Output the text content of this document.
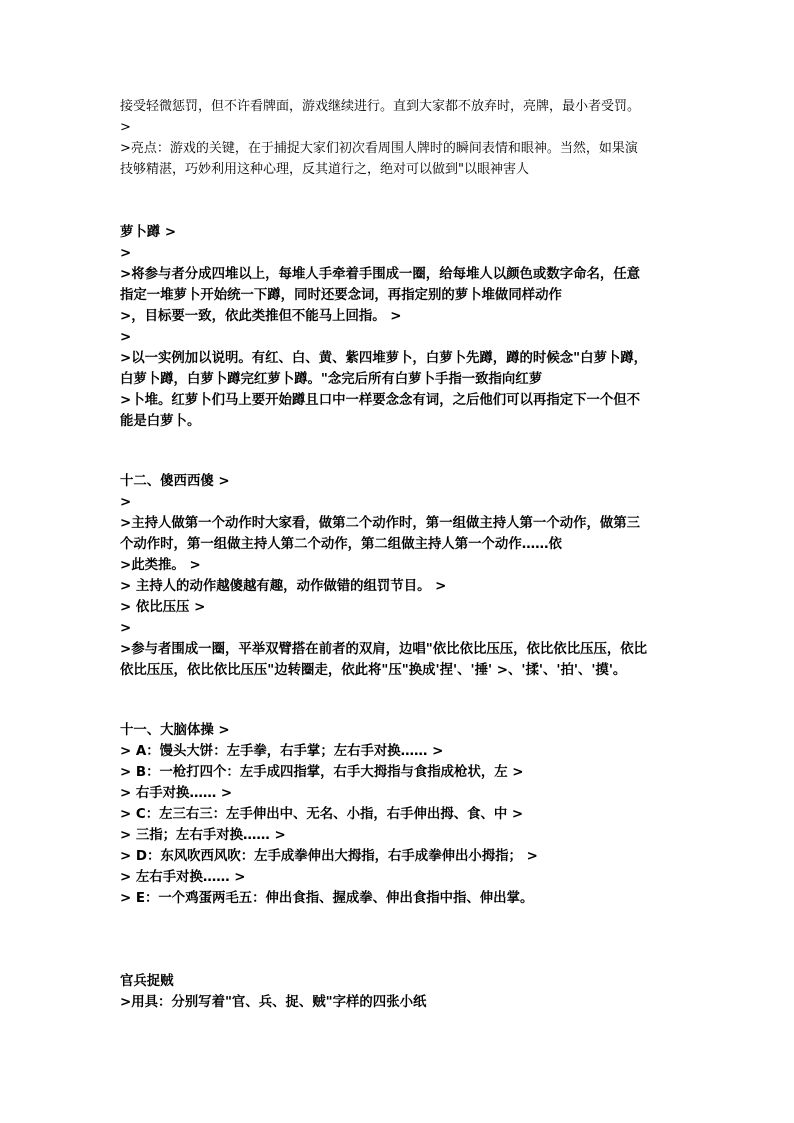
接受轻微惩罚，但不许看牌面，游戏继续进行。直到大家都不放弃时，亮牌，最小者受罚。
>
>亮点：游戏的关键，在于捕捉大家们初次看周围人牌时的瞬间表情和眼神。当然，如果演
技够精湛，巧妙利用这种心理，反其道行之，绝对可以做到"以眼神害人
萝卜蹲 >
>
>将参与者分成四堆以上，每堆人手牵着手围成一圈，给每堆人以颜色或数字命名，任意
指定一堆萝卜开始统一下蹲，同时还要念词，再指定别的萝卜堆做同样动作
>，目标要一致，依此类推但不能马上回指。 >
>
>以一实例加以说明。有红、白、黄、紫四堆萝卜，白萝卜先蹲，蹲的时候念"白萝卜蹲，
白萝卜蹲，白萝卜蹲完红萝卜蹲。"念完后所有白萝卜手指一致指向红萝
>卜堆。红萝卜们马上要开始蹲且口中一样要念念有词，之后他们可以再指定下一个但不
能是白萝卜。
十二、傻西西傻 >
>
>主持人做第一个动作时大家看，做第二个动作时，第一组做主持人第一个动作，做第三
个动作时，第一组做主持人第二个动作，第二组做主持人第一个动作……依
>此类推。 >
> 主持人的动作越傻越有趣，动作做错的组罚节目。 >
> 依比压压 >
>
>参与者围成一圈，平举双臂搭在前者的双肩，边唱"依比依比压压，依比依比压压，依比
依比压压，依比依比压压"边转圈走，依此将"压"换成'捏'、'捶' >、'揉'、'拍'、'摸'。
十一、大脑体操 >
> A：馒头大饼：左手拳，右手掌；左右手对换…… >
> B：一枪打四个：左手成四指掌，右手大拇指与食指成枪状，左 >
> 右手对换…… >
> C：左三右三：左手伸出中、无名、小指，右手伸出拇、食、中 >
> 三指；左右手对换…… >
> D：东风吹西风吹：左手成拳伸出大拇指，右手成拳伸出小拇指； >
> 左右手对换…… >
> E：一个鸡蛋两毛五：伸出食指、握成拳、伸出食指中指、伸出掌。
官兵捉贼
>用具：分别写着"官、兵、捉、贼"字样的四张小纸
